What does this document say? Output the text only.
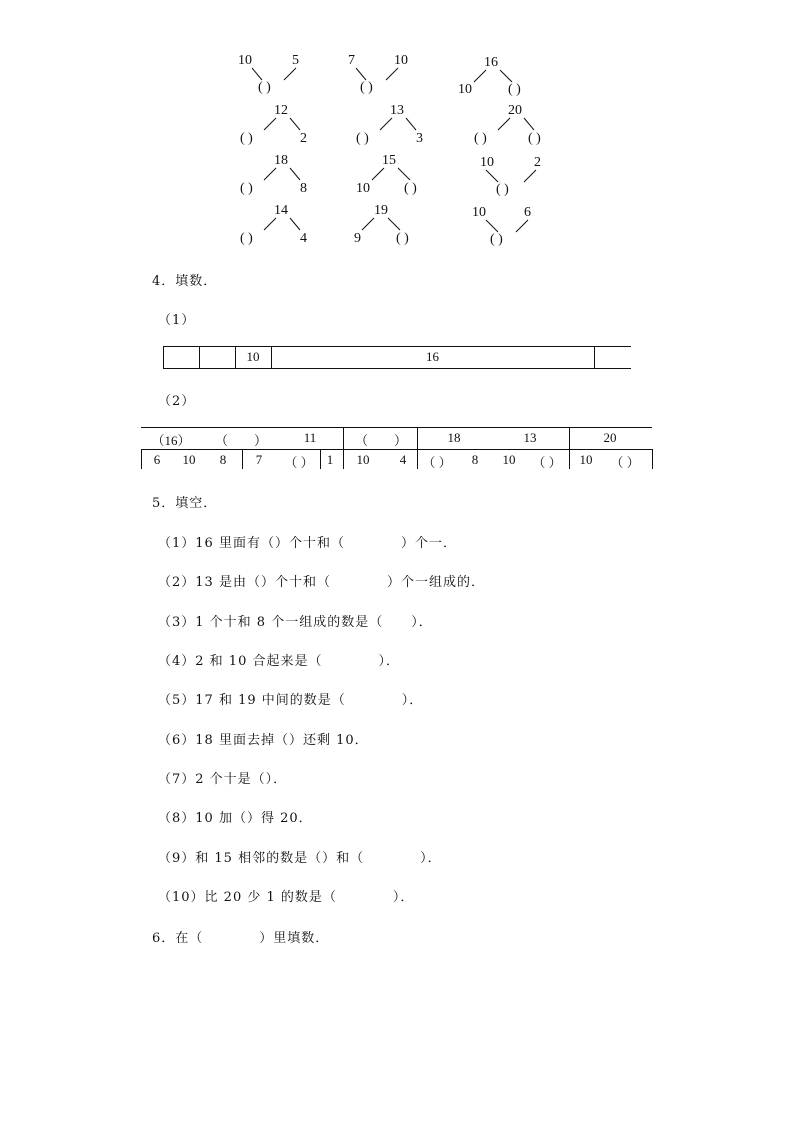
10	5
( )
7	10
( )
16
10	( )
12
( )	2
13
( )	3
20
( )	( )
18
( )	8
15
10 ( )
10	2
( )
14
( )	4
19
9	( )
10	6
( )
4．填数．
（1）
10	16
（2）
（16）	（　　）	11	（　　）	18	13	20
6	10	8	7	（ ） 1	10	4	（ ）	8	10	（ ）	10	（ ）
5．填空．
（1）16 里面有（）个十和（　　　　）个一．
（2）13 是由（）个十和（　　　　）个一组成的．
（3）1 个十和 8 个一组成的数是（　　）．
（4）2 和 10 合起来是（　　　　）．
（5）17 和 19 中间的数是（　　　　）．
（6）18 里面去掉（）还剩 10．
（7）2 个十是（）．
（8）10 加（）得 20．
（9）和 15 相邻的数是（）和（　　　　）．
（10）比 20 少 1 的数是（　　　　）．
6．在（　　　　）里填数．
